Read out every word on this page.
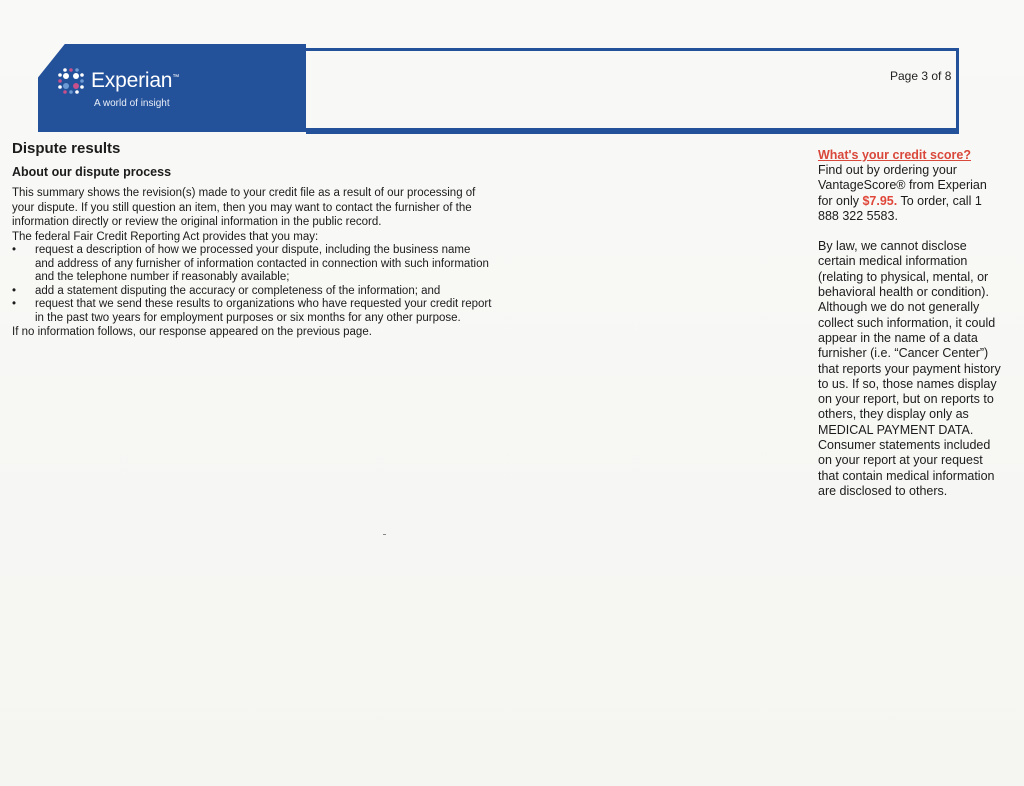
Experian™
A world of insight
Page 3 of 8
Dispute results
About our dispute process

This summary shows the revision(s) made to your credit file as a result of our processing of your dispute. If you still question an item, then you may want to contact the furnisher of the information directly or review the original information in the public record.

The federal Fair Credit Reporting Act provides that you may:

• request a description of how we processed your dispute, including the business name and address of any furnisher of information contacted in connection with such information and the telephone number if reasonably available;
• add a statement disputing the accuracy or completeness of the information; and
• request that we send these results to organizations who have requested your credit report in the past two years for employment purposes or six months for any other purpose.

If no information follows, our response appeared on the previous page.

What's your credit score?

Find out by ordering your VantageScore® from Experian for only $7.95. To order, call 1 888 322 5583.

By law, we cannot disclose certain medical information (relating to physical, mental, or behavioral health or condition). Although we do not generally collect such information, it could appear in the name of a data furnisher (i.e. “Cancer Center”) that reports your payment history to us. If so, those names display on your report, but on reports to others, they display only as MEDICAL PAYMENT DATA. Consumer statements included on your report at your request that contain medical information are disclosed to others.
